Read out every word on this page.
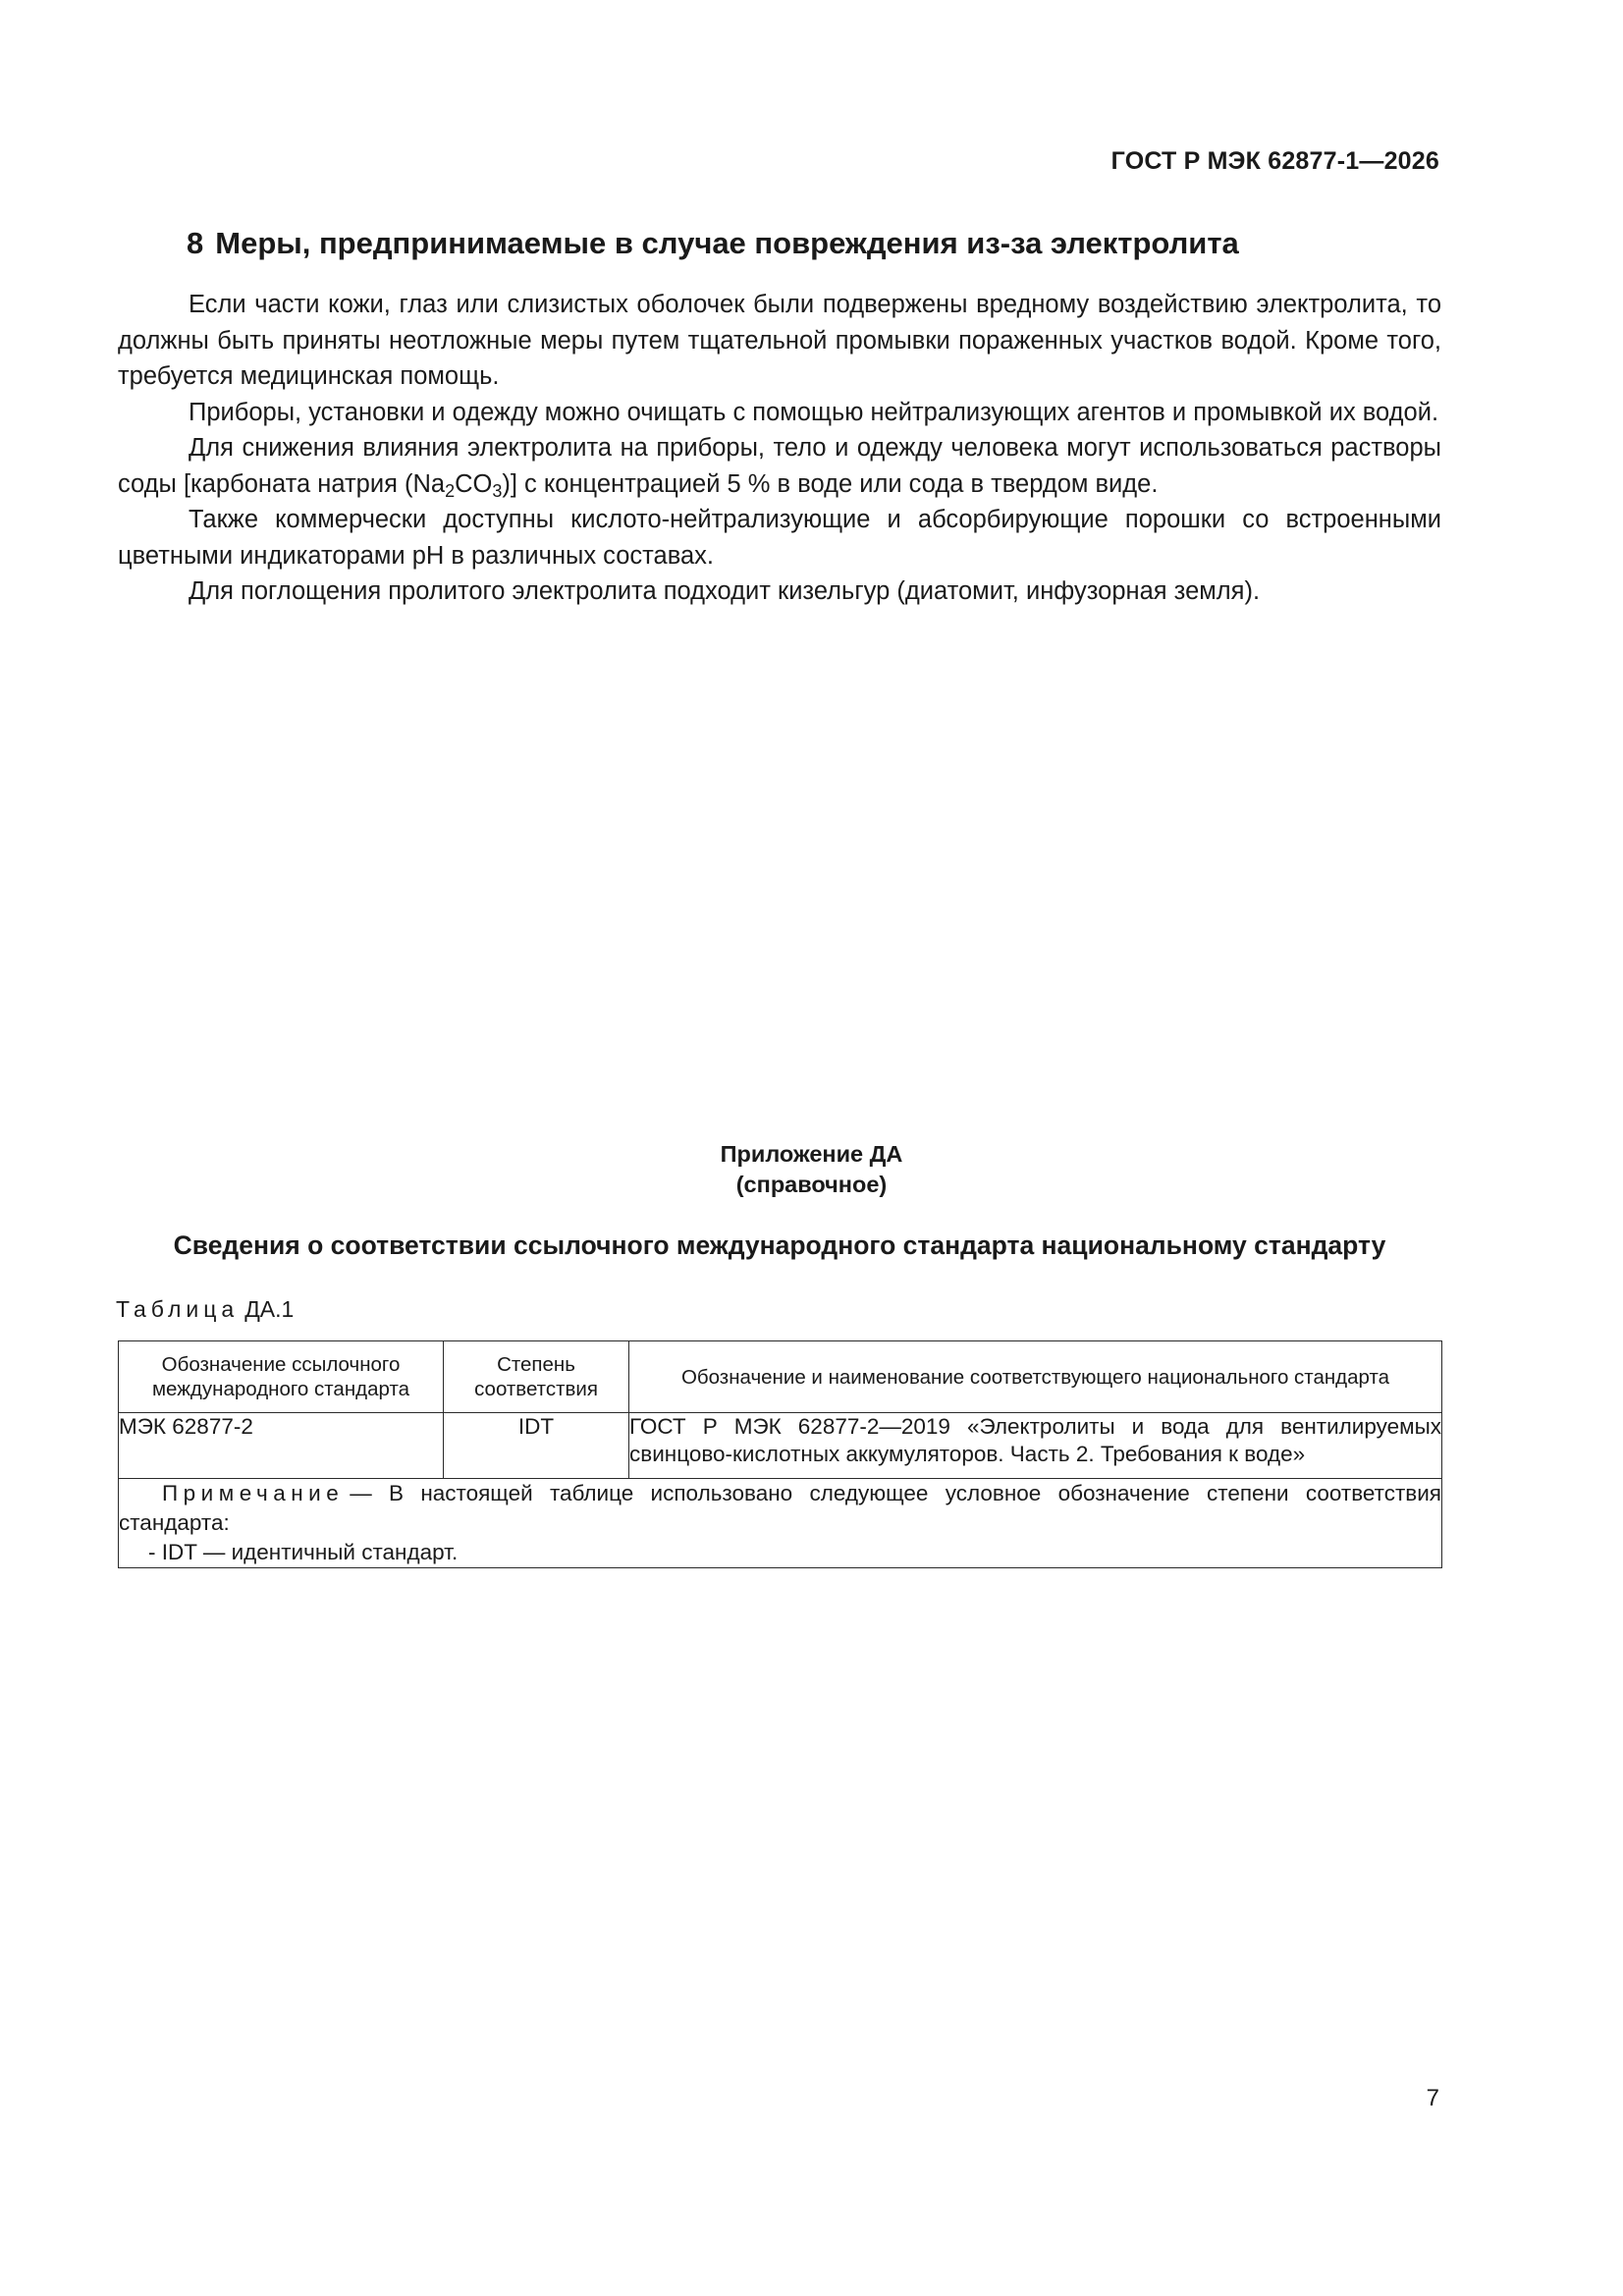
ГОСТ Р МЭК 62877-1—2026
8 Меры, предпринимаемые в случае повреждения из-за электролита

Если части кожи, глаз или слизистых оболочек были подвержены вредному воздействию электролита, то должны быть приняты неотложные меры путем тщательной промывки пораженных участков водой. Кроме того, требуется медицинская помощь.

Приборы, установки и одежду можно очищать с помощью нейтрализующих агентов и промывкой их водой.

Для снижения влияния электролита на приборы, тело и одежду человека могут использоваться растворы соды [карбоната натрия $(Na_2CO_3)$] с концентрацией 5 % в воде или сода в твердом виде.

Также коммерчески доступны кислото-нейтрализующие и абсорбирующие порошки со встроенными цветными индикаторами pH в различных составах.

Для поглощения пролитого электролита подходит кизельгур (диатомит, инфузорная земля).

Приложение ДА
(справочное)
Сведения о соответствии ссылочного международного стандарта национальному стандарту
Таблица ДА.1
Обозначение ссылочного международного стандарта	Степень соответствия	Обозначение и наименование соответствующего национального стандарта
МЭК 62877-2	IDT	ГОСТ Р МЭК 62877-2—2019 «Электролиты и вода для вентилируемых свинцово-кислотных аккумуляторов. Часть 2. Требования к воде»

Примечание — В настоящей таблице использовано следующее условное обозначение степени соответствия стандарта:
- IDT — идентичный стандарт.		
7
